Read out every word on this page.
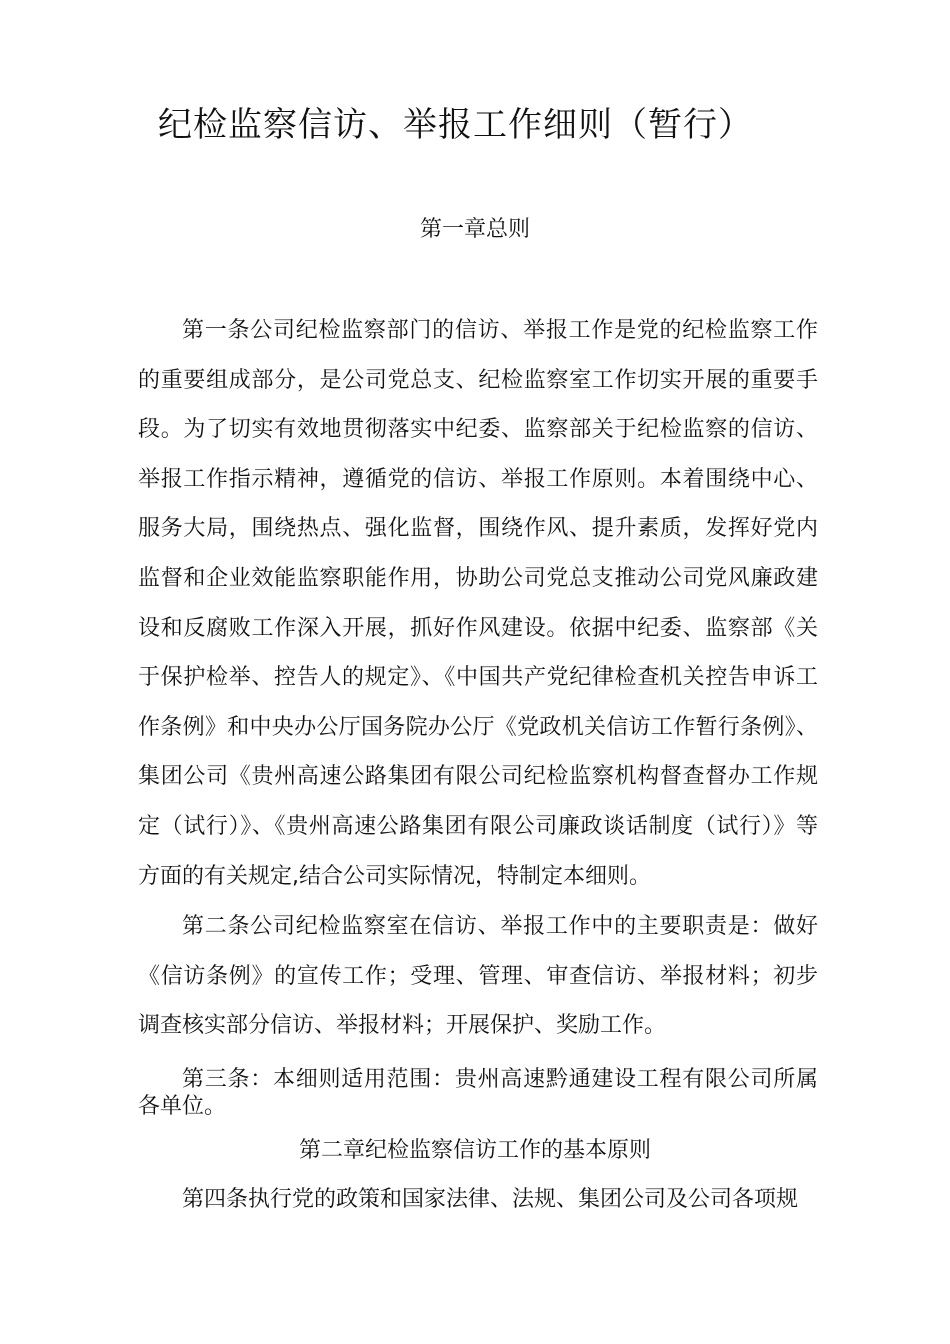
纪检监察信访、举报工作细则（暂行）
第一章总则

第一条公司纪检监察部门的信访、举报工作是党的纪检监察工作的重要组成部分，是公司党总支、纪检监察室工作切实开展的重要手段。为了切实有效地贯彻落实中纪委、监察部关于纪检监察的信访、举报工作指示精神，遵循党的信访、举报工作原则。本着围绕中心、服务大局，围绕热点、强化监督，围绕作风、提升素质，发挥好党内监督和企业效能监察职能作用，协助公司党总支推动公司党风廉政建设和反腐败工作深入开展，抓好作风建设。依据中纪委、监察部《关于保护检举、控告人的规定》、《中国共产党纪律检查机关控告申诉工作条例》和中央办公厅国务院办公厅《党政机关信访工作暂行条例》、集团公司《贵州高速公路集团有限公司纪检监察机构督查督办工作规定（试行）》、《贵州高速公路集团有限公司廉政谈话制度（试行）》等方面的有关规定,结合公司实际情况，特制定本细则。

第二条公司纪检监察室在信访、举报工作中的主要职责是：做好《信访条例》的宣传工作；受理、管理、审查信访、举报材料；初步调查核实部分信访、举报材料；开展保护、奖励工作。

第三条：本细则适用范围：贵州高速黔通建设工程有限公司所属各单位。

第二章纪检监察信访工作的基本原则

第四条执行党的政策和国家法律、法规、集团公司及公司各项规
